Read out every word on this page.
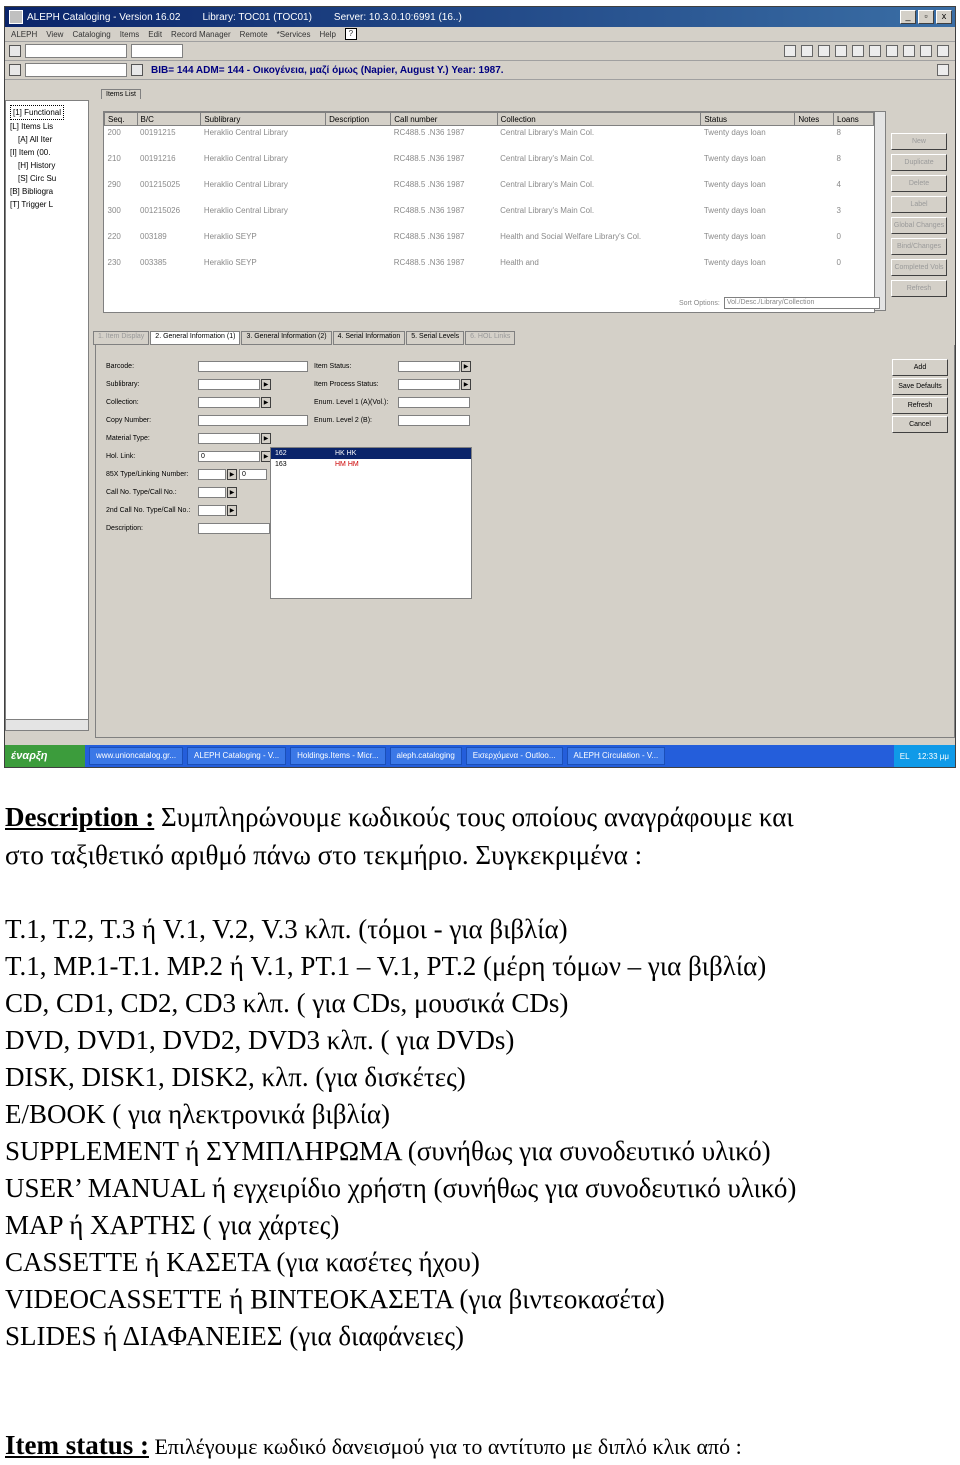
ALEPH Cataloging - Version 16.02 Library: TOC01 (TOC01) Server: 10.3.0.10:6991 (16..)	_	▫	x
ALEPH View Cataloging Items Edit Record Manager Remote *Services Help	?
BIB= 144 ADM= 144 - Οικογένεια, μαζί όμως (Napier, August Y.) Year: 1987.
[1] Functional
[L] Items Lis
[A] All Iter
[I] Item (00.
[H] History
[S] Circ Su
[B] Bibliogra
[T] Trigger L
Items List
Seq.	B/C	Sublibrary	Description	Call number	Collection	Status	Notes	Loans
200	00191215	Heraklio Central Library		RC488.5 .N36 1987	Central Library's Main Col.	Twenty days loan		8
210	00191216	Heraklio Central Library		RC488.5 .N36 1987	Central Library's Main Col.	Twenty days loan		8
290	001215025	Heraklio Central Library		RC488.5 .N36 1987	Central Library's Main Col.	Twenty days loan		4
300	001215026	Heraklio Central Library		RC488.5 .N36 1987	Central Library's Main Col.	Twenty days loan		3
220	003189	Heraklio SEYP		RC488.5 .N36 1987	Health and Social Welfare Library's Col.	Twenty days loan		0
230	003385	Heraklio SEYP		RC488.5 .N36 1987	Health and	Twenty days loan		0
New
Duplicate
Delete
Label
Global Changes
Bind/Changes
Completed Vols
Refresh
Sort Options:	Vol./Desc./Library/Collection
1. Item Display	2. General Information (1)	3. General Information (2)	4. Serial Information	5. Serial Levels	6. HOL Links
Barcode:
Sublibrary:	▶
Collection:	▶
Copy Number:
Material Type:	▶
Hol. Link:	0	▶
85X Type/Linking Number:	▶	0
Call No. Type/Call No.:	▶
2nd Call No. Type/Call No.:	▶
Description:
Item Status:	▶
Item Process Status:	▶
Enum. Level 1 (A)(Vol.):
Enum. Level 2 (B):
162	HK HK
163	HM HM
Add
Save Defaults
Refresh
Cancel
έναρξη	www.unioncatalog.gr...	ALEPH Cataloging - V...	Holdings.Items - Micr...	aleph.cataloging	Εισερχόμενα - Outloo...	ALEPH Circulation - V...	EL 12:33 μμ
Description : Συμπληρώνουμε κωδικούς τους οποίους αναγράφουμε και
στο ταξιθετικό αριθμό πάνω στο τεκμήριο. Συγκεκριμένα :
T.1, T.2, T.3 ή V.1, V.2, V.3 κλπ. (τόμοι - για βιβλία)
T.1, MP.1-T.1. MP.2 ή V.1, PT.1 – V.1, PT.2 (μέρη τόμων – για βιβλία)
CD, CD1, CD2, CD3 κλπ. ( για CDs, μουσικά CDs)
DVD, DVD1, DVD2, DVD3 κλπ. ( για DVDs)
DISK, DISK1, DISK2, κλπ. (για δισκέτες)
E/BOOK ( για ηλεκτρονικά βιβλία)
SUPPLEMENT ή ΣΥΜΠΛΗΡΩΜΑ (συνήθως για συνοδευτικό υλικό)
USER’ MANUAL ή εγχειρίδιο χρήστη (συνήθως για συνοδευτικό υλικό)
MAP ή ΧΑΡΤΗΣ ( για χάρτες)
CASSETTE ή ΚΑΣΕΤΑ (για κασέτες ήχου)
VIDEOCASSETTE ή ΒΙΝΤΕΟΚΑΣΕΤΑ (για βιντεοκασέτα)
SLIDES ή ΔΙΑΦΑΝΕΙΕΣ (για διαφάνειες)
Item status : Επιλέγουμε κωδικό δανεισμού για το αντίτυπο με διπλό κλικ από :
